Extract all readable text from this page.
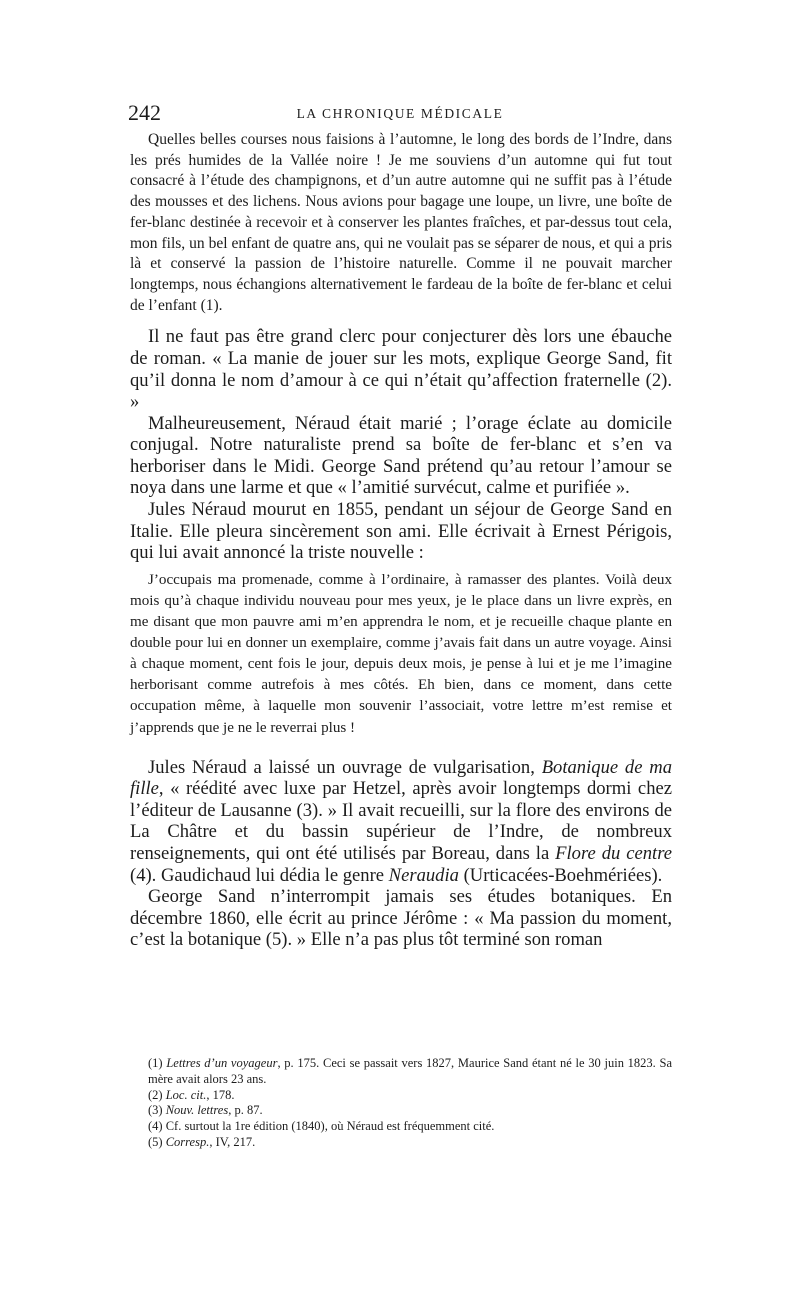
242	LA CHRONIQUE MÉDICALE

Quelles belles courses nous faisions à l’automne, le long des bords de l’Indre, dans les prés humides de la Vallée noire ! Je me souviens d’un automne qui fut tout consacré à l’étude des champignons, et d’un autre automne qui ne suffit pas à l’étude des mousses et des lichens. Nous avions pour bagage une loupe, un livre, une boîte de fer-blanc destinée à recevoir et à conserver les plantes fraîches, et par-dessus tout cela, mon fils, un bel enfant de quatre ans, qui ne voulait pas se séparer de nous, et qui a pris là et conservé la passion de l’histoire naturelle. Comme il ne pouvait marcher longtemps, nous échangions alternativement le fardeau de la boîte de fer-blanc et celui de l’enfant (1).

Il ne faut pas être grand clerc pour conjecturer dès lors une ébauche de roman. « La manie de jouer sur les mots, explique George Sand, fit qu’il donna le nom d’amour à ce qui n’était qu’affection fraternelle (2). »

Malheureusement, Néraud était marié ; l’orage éclate au domicile conjugal. Notre naturaliste prend sa boîte de fer-blanc et s’en va herboriser dans le Midi. George Sand prétend qu’au retour l’amour se noya dans une larme et que « l’amitié survécut, calme et purifiée ».

Jules Néraud mourut en 1855, pendant un séjour de George Sand en Italie. Elle pleura sincèrement son ami. Elle écrivait à Ernest Périgois, qui lui avait annoncé la triste nouvelle :

J’occupais ma promenade, comme à l’ordinaire, à ramasser des plantes. Voilà deux mois qu’à chaque individu nouveau pour mes yeux, je le place dans un livre exprès, en me disant que mon pauvre ami m’en apprendra le nom, et je recueille chaque plante en double pour lui en donner un exemplaire, comme j’avais fait dans un autre voyage. Ainsi à chaque moment, cent fois le jour, depuis deux mois, je pense à lui et je me l’imagine herborisant comme autrefois à mes côtés. Eh bien, dans ce moment, dans cette occupation même, à laquelle mon souvenir l’associait, votre lettre m’est remise et j’apprends que je ne le reverrai plus !

Jules Néraud a laissé un ouvrage de vulgarisation, Botanique de ma fille, « réédité avec luxe par Hetzel, après avoir longtemps dormi chez l’éditeur de Lausanne (3). » Il avait recueilli, sur la flore des environs de La Châtre et du bassin supérieur de l’Indre, de nombreux renseignements, qui ont été utilisés par Boreau, dans la Flore du centre (4). Gaudichaud lui dédia le genre Neraudia (Urticacées-Boehmériées).

George Sand n’interrompit jamais ses études botaniques. En décembre 1860, elle écrit au prince Jérôme : « Ma passion du moment, c’est la botanique (5). » Elle n’a pas plus tôt terminé son roman

(1) Lettres d’un voyageur, p. 175. Ceci se passait vers 1827, Maurice Sand étant né le 30 juin 1823. Sa mère avait alors 23 ans.

(2) Loc. cit., 178.

(3) Nouv. lettres, p. 87.

(4) Cf. surtout la 1re édition (1840), où Néraud est fréquemment cité.

(5) Corresp., IV, 217.
